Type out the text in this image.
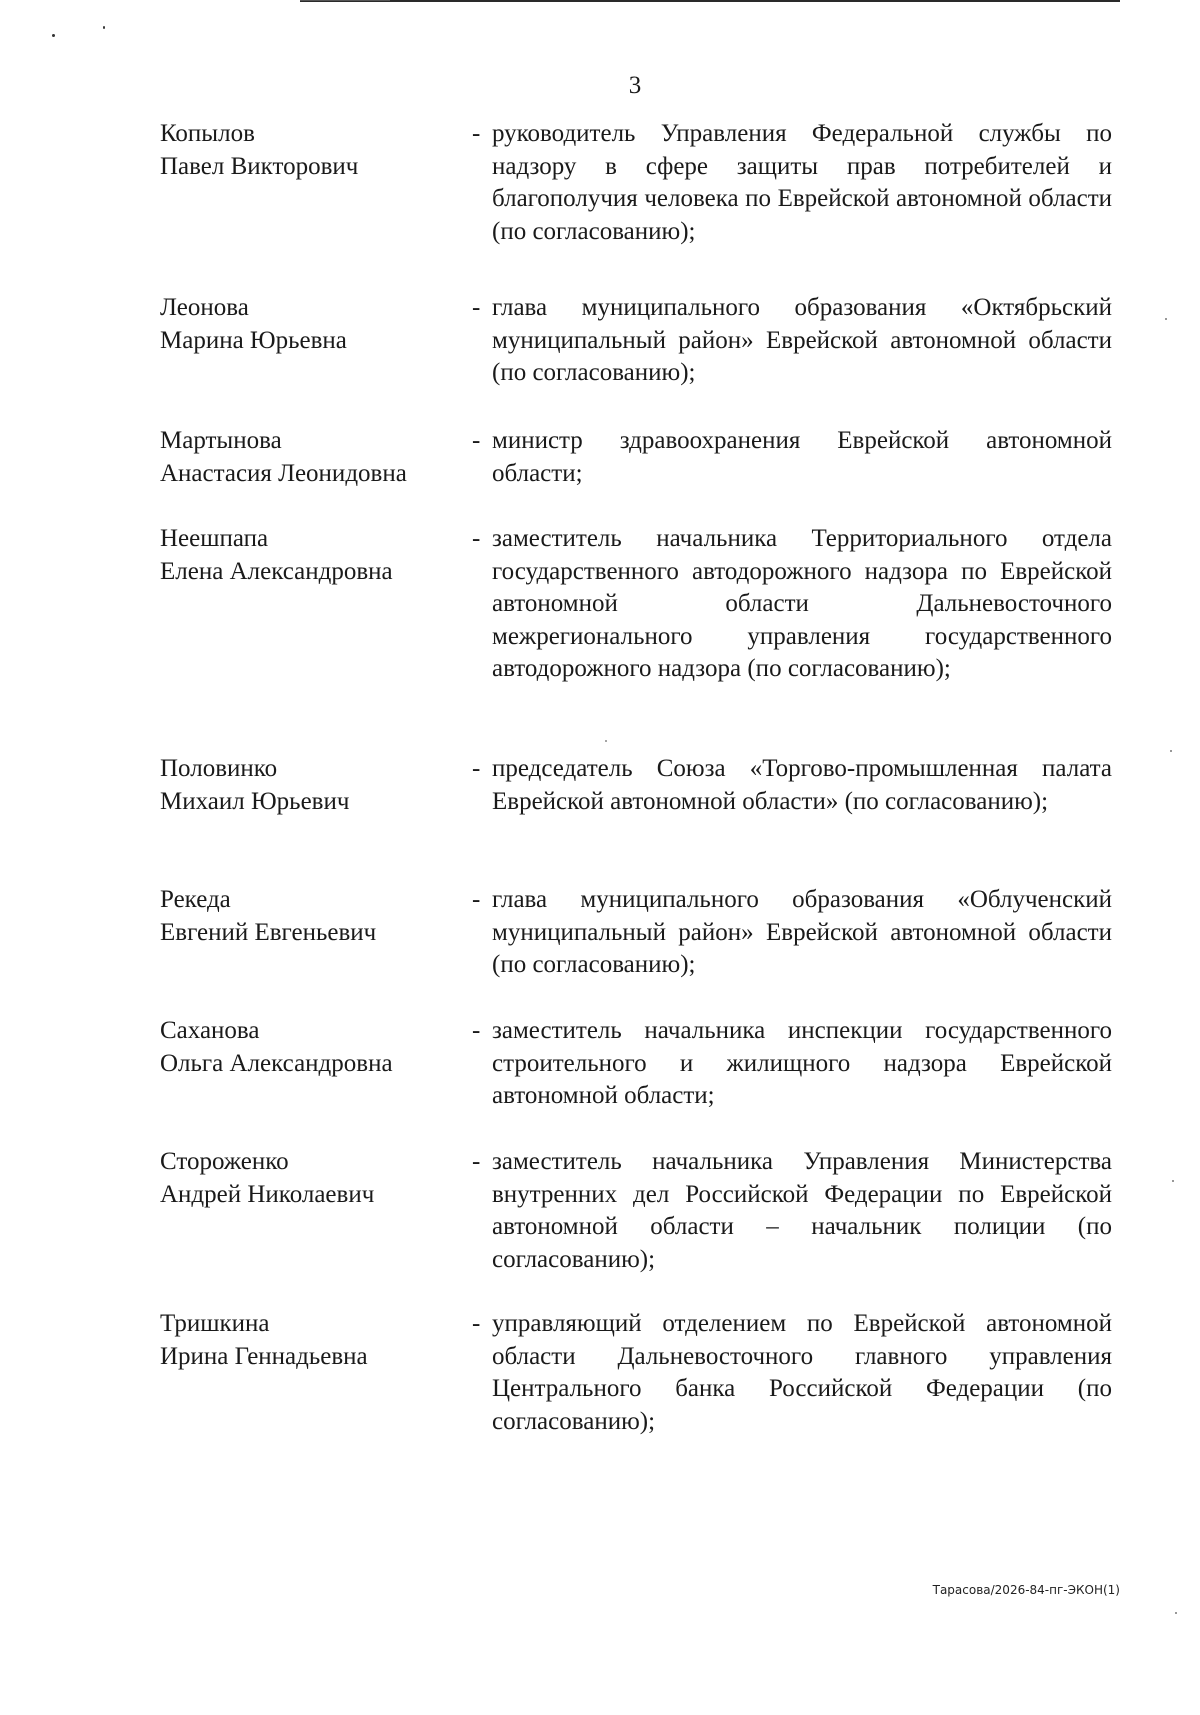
3
Копылов
Павел Викторович
- руководитель Управления Федеральной службы по надзору в сфере защиты прав потребителей и благополучия человека по Еврейской автономной области (по согласованию);
Леонова
Марина Юрьевна
- глава муниципального образования «Октябрьский муниципальный район» Еврейской автономной области (по согласованию);
Мартынова
Анастасия Леонидовна
- министр здравоохранения Еврейской автономной области;
Неешпапа
Елена Александровна
- заместитель начальника Территориального отдела государственного автодорожного надзора по Еврейской автономной области Дальневосточного межрегионального управления государственного автодорожного надзора (по согласованию);
Половинко
Михаил Юрьевич
- председатель Союза «Торгово-промышленная палата Еврейской автономной области» (по согласованию);
Рекеда
Евгений Евгеньевич
- глава муниципального образования «Облученский муниципальный район» Еврейской автономной области (по согласованию);
Саханова
Ольга Александровна
- заместитель начальника инспекции государственного строительного и жилищного надзора Еврейской автономной области;
Стороженко
Андрей Николаевич
- заместитель начальника Управления Министерства внутренних дел Российской Федерации по Еврейской автономной области – начальник полиции (по согласованию);
Тришкина
Ирина Геннадьевна
- управляющий отделением по Еврейской автономной области Дальневосточного главного управления Центрального банка Российской Федерации (по согласованию);
Тарасова/2026-84-пг-ЭКОН(1)
